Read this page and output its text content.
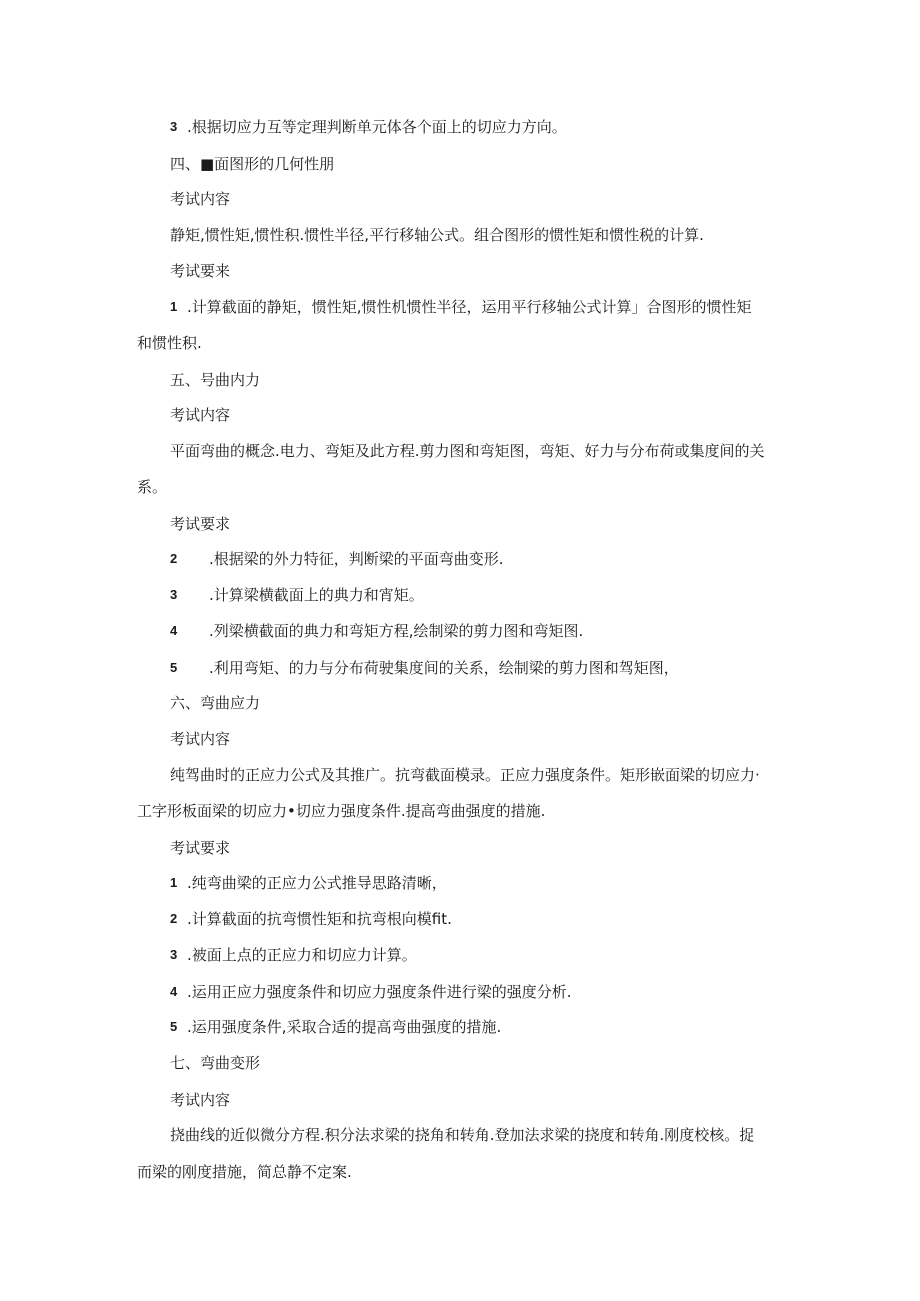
3 .根据切应力互等定理判断单元体各个面上的切应力方向。
四、■面图形的几何性朋
考试内容
静矩,惯性矩,惯性积.惯性半径,平行移轴公式。组合图形的惯性矩和惯性税的计算.
考试要来
1 .计算截面的静矩，惯性矩,惯性机惯性半径，运用平行移轴公式计算」合图形的惯性矩
和惯性积.
五、号曲内力
考试内容
平面弯曲的概念.电力、弯矩及此方程.剪力图和弯矩图，弯矩、好力与分布荷或集度间的关
系。
考试要求
2 .根据梁的外力特征，判断梁的平面弯曲变形.
3 .计算梁横截面上的典力和宵矩。
4 .列梁横截面的典力和弯矩方程,绘制梁的剪力图和弯矩图.
5 .利用弯矩、的力与分布荷驶集度间的关系，绘制梁的剪力图和驾矩图，
六、弯曲应力
考试内容
纯驾曲时的正应力公式及其推广。抗弯截面模录。正应力强度条件。矩形嵌面梁的切应力·
工字形板面梁的切应力•切应力强度条件.提高弯曲强度的措施.
考试要求
1 .纯弯曲梁的正应力公式推导思路清晰，
2 .计算截面的抗弯惯性矩和抗弯根向模fit.
3 .被面上点的正应力和切应力计算。
4 .运用正应力强度条件和切应力强度条件进行梁的强度分析.
5 .运用强度条件,采取合适的提高弯曲强度的措施.
七、弯曲变形
考试内容
挠曲线的近似微分方程.积分法求梁的挠角和转角.登加法求梁的挠度和转角.刚度校核。捉
而梁的刚度措施，简总静不定案.
